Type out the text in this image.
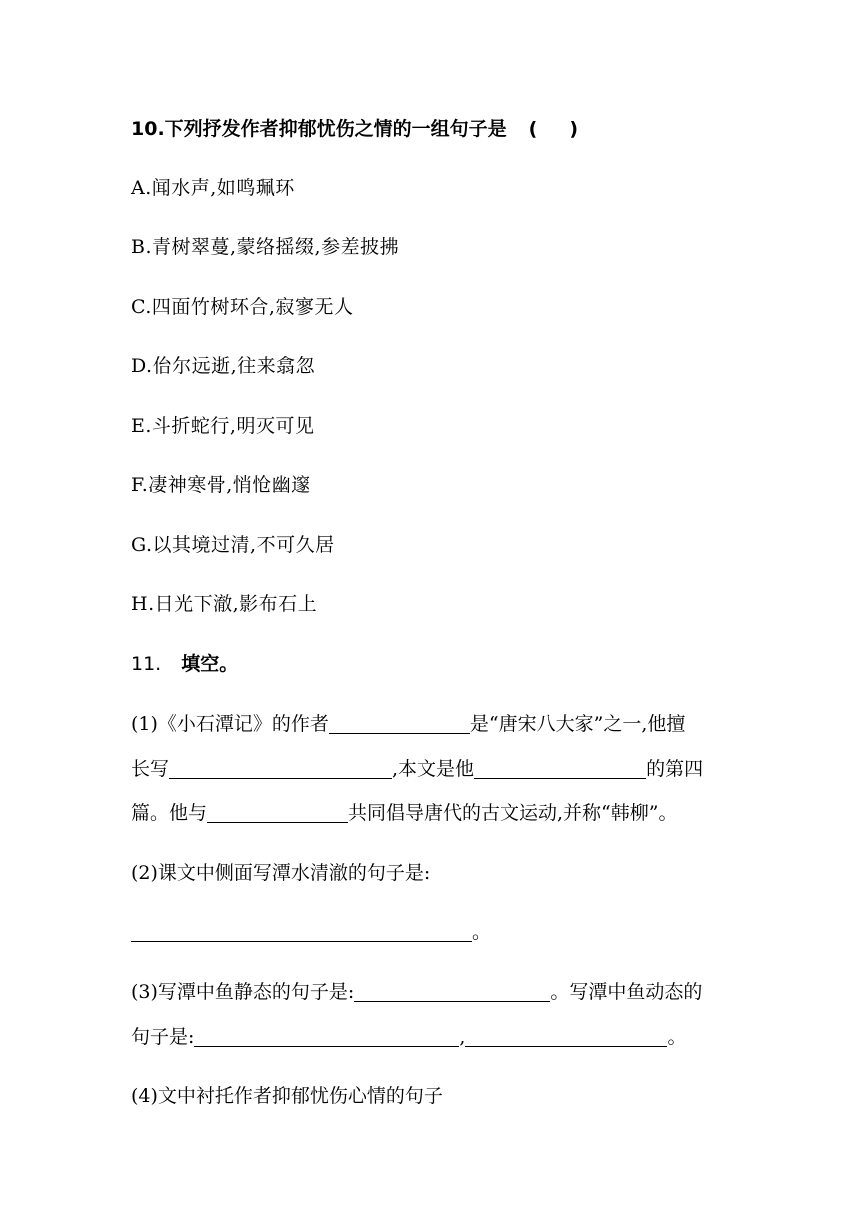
10.下列抒发作者抑郁忧伤之情的一组句子是 ( )
A.闻水声,如鸣珮环
B.青树翠蔓,蒙络摇缀,参差披拂
C.四面竹树环合,寂寥无人
D.佁尔远逝,往来翕忽
E.斗折蛇行,明灭可见
F.凄神寒骨,悄怆幽邃
G.以其境过清,不可久居
H.日光下澈,影布石上
11. 填空。
(1)《小石潭记》的作者	是“唐宋八大家”之一,他擅
长写	,本文是他	的第四
篇。他与	共同倡导唐代的古文运动,并称“韩柳”。
(2)课文中侧面写潭水清澈的句子是:
。
(3)写潭中鱼静态的句子是:	。写潭中鱼动态的
句子是:	,	。
(4)文中衬托作者抑郁忧伤心情的句子
